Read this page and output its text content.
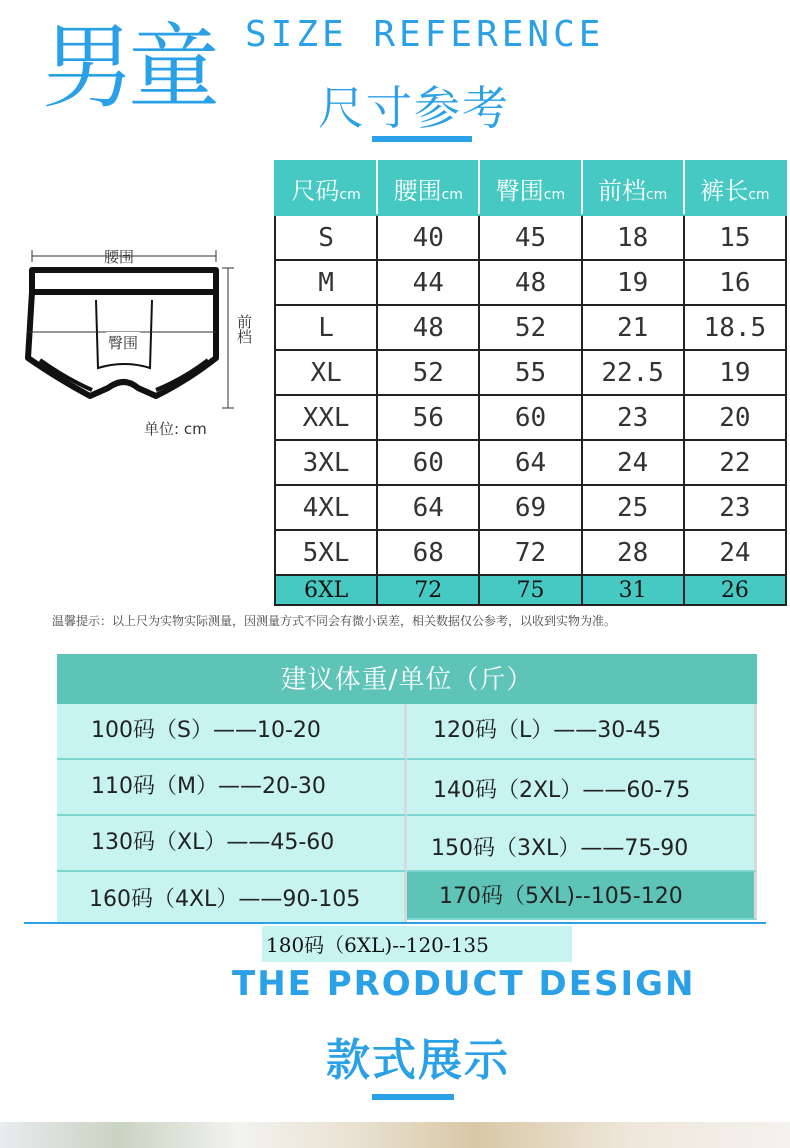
男童 SIZE REFERENCE
尺寸参考
腰围
臀围	前档
单位: cm
尺码cm	腰围cm	臀围cm	前档cm	裤长cm
S	40	45	18	15
M	44	48	19	16
L	48	52	21	18.5
XL	52	55	22.5	19
XXL	56	60	23	20
3XL	60	64	24	22
4XL	64	69	25	23
5XL	68	72	28	24
6XL	72	75	31	26
温馨提示：以上尺为实物实际测量，因测量方式不同会有微小误差，相关数据仅公参考，以收到实物为准。
建议体重/单位（斤）
100码（S）——10-20	120码（L）——30-45
110码（M）——20-30	140码（2XL）——60-75
130码（XL）——45-60	150码（3XL）——75-90
160码（4XL）——90-105	170码（5XL)--105-120
180码（6XL)--120-135
THE PRODUCT DESIGN
款式展示
